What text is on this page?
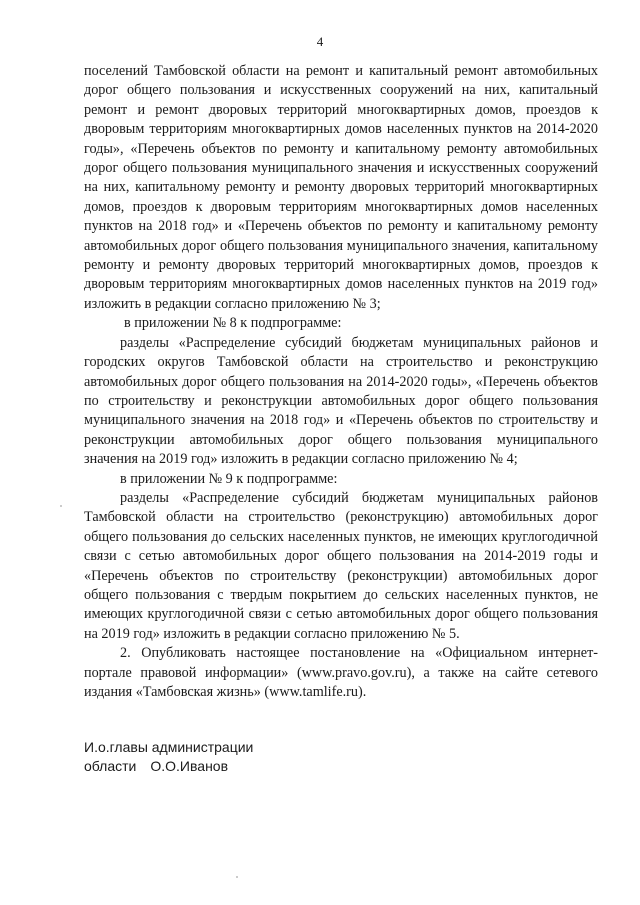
4

поселений Тамбовской области на ремонт и капитальный ремонт автомобильных дорог общего пользования и искусственных сооружений на них, капитальный ремонт и ремонт дворовых территорий многоквартирных домов, проездов к дворовым территориям многоквартирных домов населенных пунктов на 2014-2020 годы», «Перечень объектов по ремонту и капитальному ремонту автомобильных дорог общего пользования муниципального значения и искусственных сооружений на них, капитальному ремонту и ремонту дворовых территорий многоквартирных домов, проездов к дворовым территориям многоквартирных домов населенных пунктов на 2018 год» и «Перечень объектов по ремонту и капитальному ремонту автомобильных дорог общего пользования муниципального значения, капитальному ремонту и ремонту дворовых территорий многоквартирных домов, проездов к дворовым территориям многоквартирных домов населенных пунктов на 2019 год» изложить в редакции согласно приложению № 3;

в приложении № 8 к подпрограмме:

разделы «Распределение субсидий бюджетам муниципальных районов и городских округов Тамбовской области на строительство и реконструкцию автомобильных дорог общего пользования на 2014-2020 годы», «Перечень объектов по строительству и реконструкции автомобильных дорог общего пользования муниципального значения на 2018 год» и «Перечень объектов по строительству и реконструкции автомобильных дорог общего пользования муниципального значения на 2019 год» изложить в редакции согласно приложению № 4;

в приложении № 9 к подпрограмме:

разделы «Распределение субсидий бюджетам муниципальных районов Тамбовской области на строительство (реконструкцию) автомобильных дорог общего пользования до сельских населенных пунктов, не имеющих круглогодичной связи с сетью автомобильных дорог общего пользования на 2014-2019 годы и «Перечень объектов по строительству (реконструкции) автомобильных дорог общего пользования с твердым покрытием до сельских населенных пунктов, не имеющих круглогодичной связи с сетью автомобильных дорог общего пользования на 2019 год» изложить в редакции согласно приложению № 5.

2. Опубликовать настоящее постановление на «Официальном интернет-портале правовой информации» (www.pravo.gov.ru), а также на сайте сетевого издания «Тамбовская жизнь» (www.tamlife.ru).

И.о.главы администрации
области О.О.Иванов
